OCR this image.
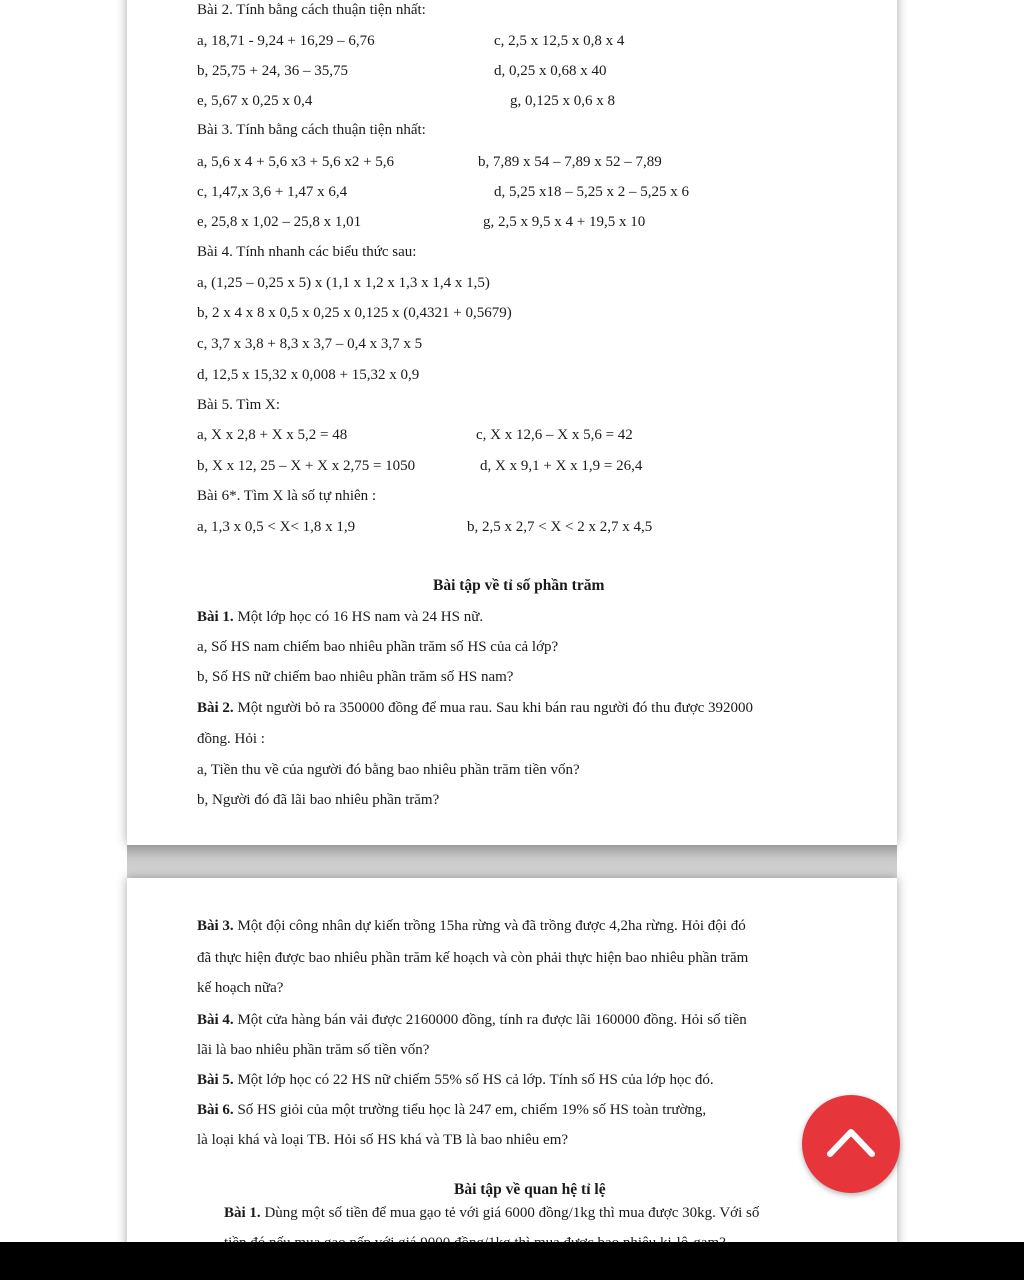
Bài 2. Tính bằng cách thuận tiện nhất:
a, 18,71 - 9,24 + 16,29 – 6,76	c, 2,5 x 12,5 x 0,8 x 4
b, 25,75 + 24, 36 – 35,75	d, 0,25 x 0,68 x 40
e, 5,67 x 0,25 x 0,4	g, 0,125 x 0,6 x 8
Bài 3. Tính bằng cách thuận tiện nhất:
a, 5,6 x 4 + 5,6 x3 + 5,6 x2 + 5,6	b, 7,89 x 54 – 7,89 x 52 – 7,89
c, 1,47,x 3,6 + 1,47 x 6,4	d, 5,25 x18 – 5,25 x 2 – 5,25 x 6
e, 25,8 x 1,02 – 25,8 x 1,01	g, 2,5 x 9,5 x 4 + 19,5 x 10
Bài 4. Tính nhanh các biểu thức sau:
a, (1,25 – 0,25 x 5) x (1,1 x 1,2 x 1,3 x 1,4 x 1,5)
b, 2 x 4 x 8 x 0,5 x 0,25 x 0,125 x (0,4321 + 0,5679)
c, 3,7 x 3,8 + 8,3 x 3,7 – 0,4 x 3,7 x 5
d, 12,5 x 15,32 x 0,008 + 15,32 x 0,9
Bài 5. Tìm X:
a, X x 2,8 + X x 5,2 = 48	c, X x 12,6 – X x 5,6 = 42
b, X x 12, 25 – X + X x 2,75 = 1050	d, X x 9,1 + X x 1,9 = 26,4
Bài 6*. Tìm X là số tự nhiên :
a, 1,3 x 0,5 < X< 1,8 x 1,9	b, 2,5 x 2,7 < X < 2 x 2,7 x 4,5
Bài tập về tỉ số phần trăm
Bài 1. Một lớp học có 16 HS nam và 24 HS nữ.
a, Số HS nam chiếm bao nhiêu phần trăm số HS của cả lớp?
b, Số HS nữ chiếm bao nhiêu phần trăm số HS nam?
Bài 2. Một người bỏ ra 350000 đồng để mua rau. Sau khi bán rau người đó thu được 392000
đồng. Hỏi :
a, Tiền thu về của người đó bằng bao nhiêu phần trăm tiền vốn?
b, Người đó đã lãi bao nhiêu phần trăm?
Bài 3. Một đội công nhân dự kiến trồng 15ha rừng và đã trồng được 4,2ha rừng. Hỏi đội đó
đã thực hiện được bao nhiêu phần trăm kế hoạch và còn phải thực hiện bao nhiêu phần trăm
kế hoạch nữa?
Bài 4. Một cửa hàng bán vải được 2160000 đồng, tính ra được lãi 160000 đồng. Hỏi số tiền
lãi là bao nhiêu phần trăm số tiền vốn?
Bài 5. Một lớp học có 22 HS nữ chiếm 55% số HS cả lớp. Tính số HS của lớp học đó.
Bài 6. Số HS giỏi của một trường tiểu học là 247 em, chiếm 19% số HS toàn trường,
là loại khá và loại TB. Hỏi số HS khá và TB là bao nhiêu em?
Bài tập về quan hệ tỉ lệ
Bài 1. Dùng một số tiền để mua gạo tẻ với giá 6000 đồng/1kg thì mua được 30kg. Với số
